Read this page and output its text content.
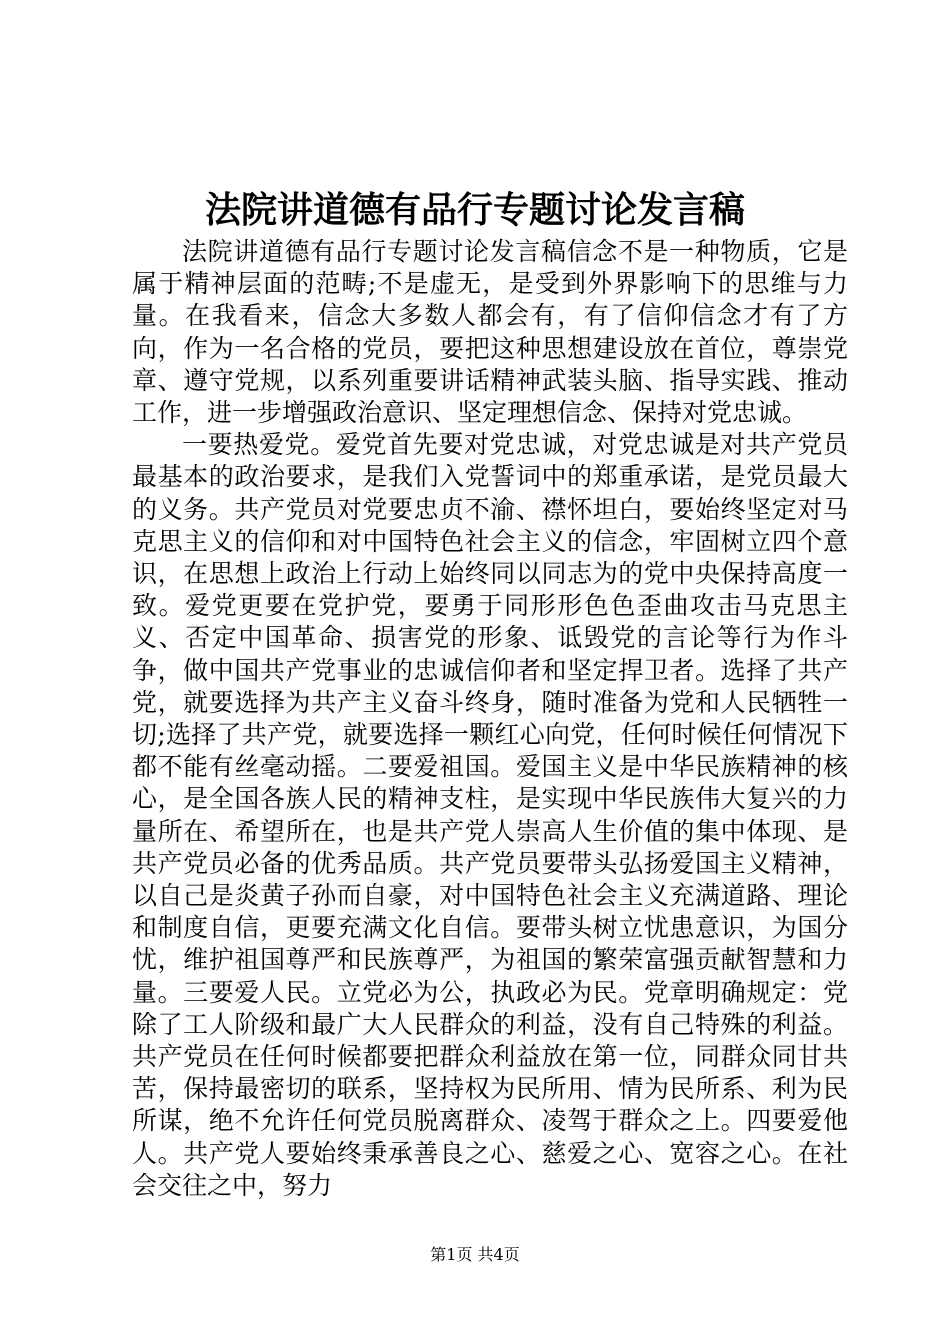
法院讲道德有品行专题讨论发言稿

法院讲道德有品行专题讨论发言稿信念不是一种物质，它是属于精神层面的范畴;不是虚无，是受到外界影响下的思维与力量。在我看来，信念大多数人都会有，有了信仰信念才有了方向，作为一名合格的党员，要把这种思想建设放在首位，尊崇党章、遵守党规，以系列重要讲话精神武装头脑、指导实践、推动工作，进一步增强政治意识、坚定理想信念、保持对党忠诚。

一要热爱党。爱党首先要对党忠诚，对党忠诚是对共产党员最基本的政治要求，是我们入党誓词中的郑重承诺，是党员最大的义务。共产党员对党要忠贞不渝、襟怀坦白，要始终坚定对马克思主义的信仰和对中国特色社会主义的信念，牢固树立四个意识，在思想上政治上行动上始终同以同志为的党中央保持高度一致。爱党更要在党护党，要勇于同形形色色歪曲攻击马克思主义、否定中国革命、损害党的形象、诋毁党的言论等行为作斗争，做中国共产党事业的忠诚信仰者和坚定捍卫者。选择了共产党，就要选择为共产主义奋斗终身，随时准备为党和人民牺牲一切;选择了共产党，就要选择一颗红心向党，任何时候任何情况下都不能有丝毫动摇。二要爱祖国。爱国主义是中华民族精神的核心，是全国各族人民的精神支柱，是实现中华民族伟大复兴的力量所在、希望所在，也是共产党人崇高人生价值的集中体现、是共产党员必备的优秀品质。共产党员要带头弘扬爱国主义精神，以自己是炎黄子孙而自豪，对中国特色社会主义充满道路、理论和制度自信，更要充满文化自信。要带头树立忧患意识，为国分忧，维护祖国尊严和民族尊严，为祖国的繁荣富强贡献智慧和力量。三要爱人民。立党必为公，执政必为民。党章明确规定：党除了工人阶级和最广大人民群众的利益，没有自己特殊的利益。共产党员在任何时候都要把群众利益放在第一位，同群众同甘共苦，保持最密切的联系，坚持权为民所用、情为民所系、利为民所谋，绝不允许任何党员脱离群众、凌驾于群众之上。四要爱他人。共产党人要始终秉承善良之心、慈爱之心、宽容之心。在社会交往之中，努力

第1页 共4页
